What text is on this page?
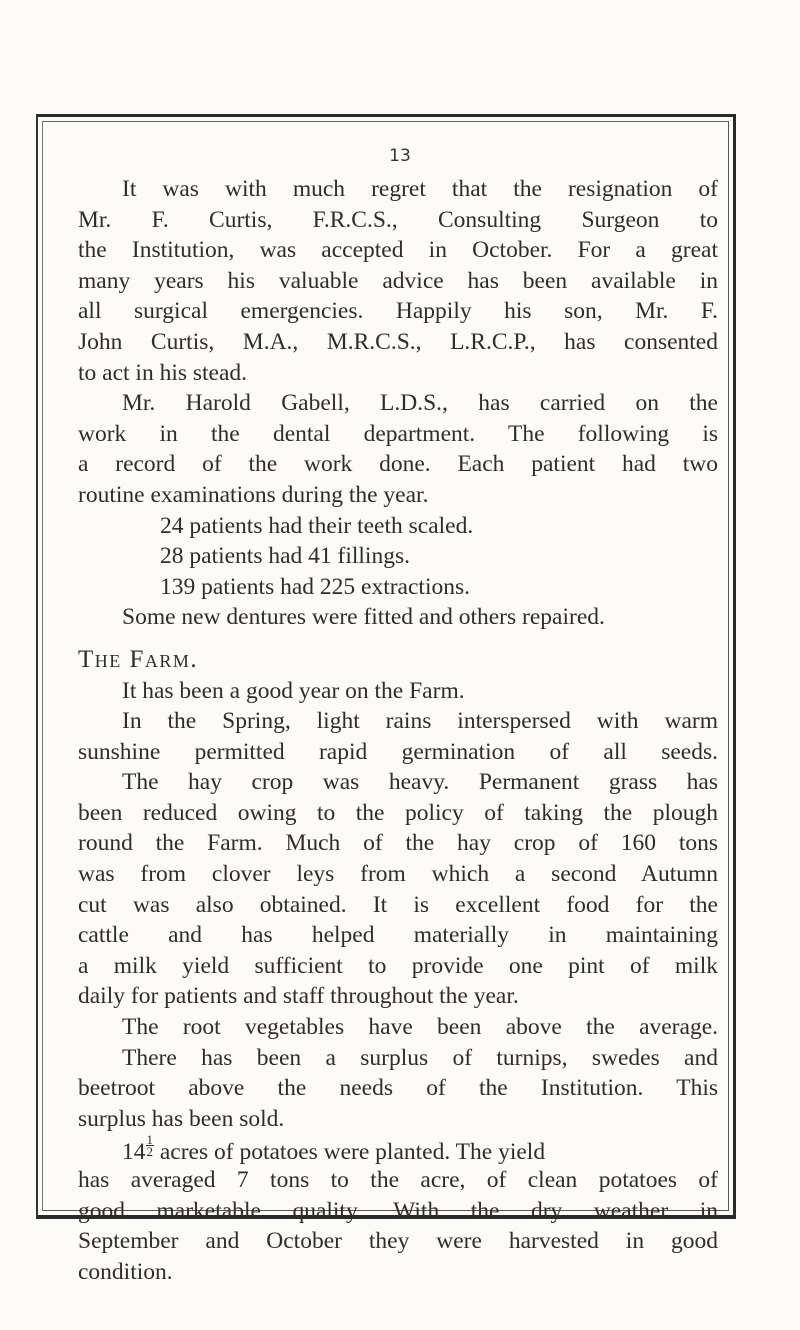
13
It was with much regret that the resignation of
Mr. F. Curtis, F.R.C.S., Consulting Surgeon to
the Institution, was accepted in October. For a great
many years his valuable advice has been available in
all surgical emergencies. Happily his son, Mr. F.
John Curtis, M.A., M.R.C.S., L.R.C.P., has consented
to act in his stead.
Mr. Harold Gabell, L.D.S., has carried on the
work in the dental department. The following is
a record of the work done. Each patient had two
routine examinations during the year.
24 patients had their teeth scaled.
28 patients had 41 fillings.
139 patients had 225 extractions.
Some new dentures were fitted and others repaired.
The Farm.
It has been a good year on the Farm.
In the Spring, light rains interspersed with warm
sunshine permitted rapid germination of all seeds.
The hay crop was heavy. Permanent grass has
been reduced owing to the policy of taking the plough
round the Farm. Much of the hay crop of 160 tons
was from clover leys from which a second Autumn
cut was also obtained. It is excellent food for the
cattle and has helped materially in maintaining
a milk yield sufficient to provide one pint of milk
daily for patients and staff throughout the year.
The root vegetables have been above the average.
There has been a surplus of turnips, swedes and
beetroot above the needs of the Institution. This
surplus has been sold.
$14 \frac{1}{2}$ acres of potatoes were planted. The yield
has averaged 7 tons to the acre, of clean potatoes of
good marketable quality. With the dry weather in
September and October they were harvested in good
condition.
